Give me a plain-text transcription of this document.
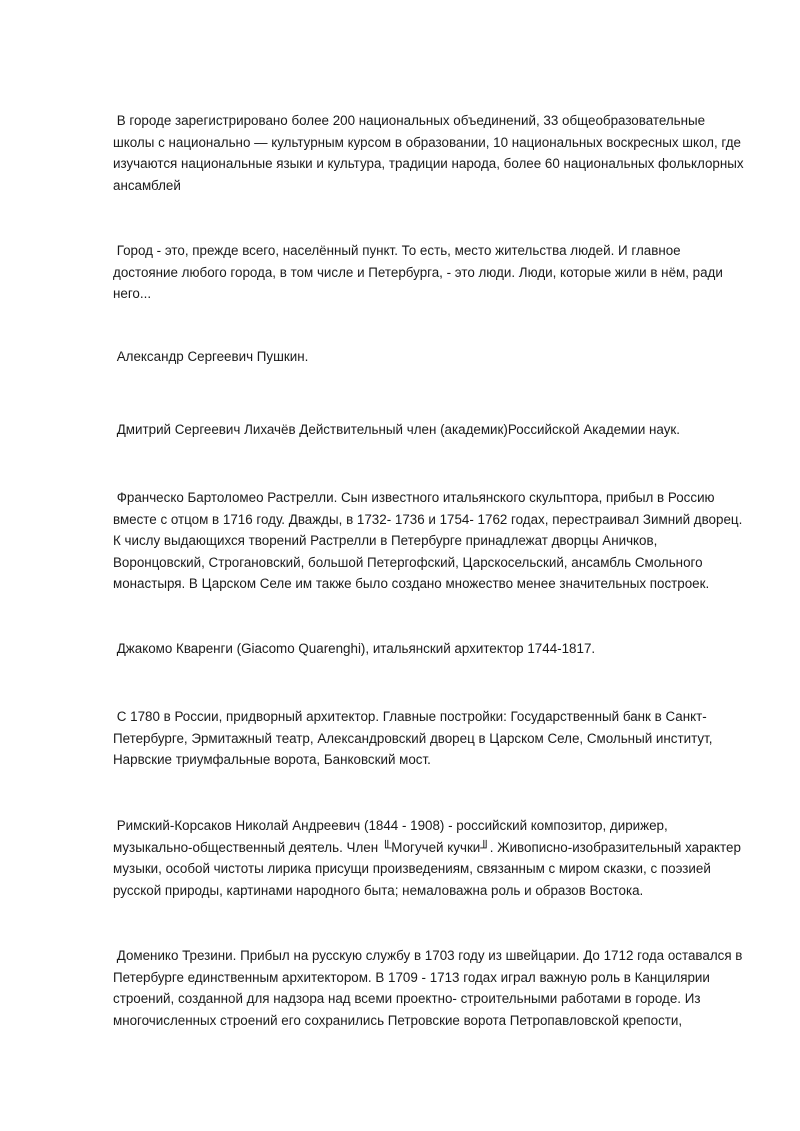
В городе зарегистрировано более 200 национальных объединений, 33 общеобразовательные школы с национально — культурным курсом в образовании, 10 национальных воскресных школ, где изучаются национальные языки и культура, традиции народа, более 60 национальных фольклорных ансамблей

Город - это, прежде всего, населённый пункт. То есть, место жительства людей. И главное достояние любого города, в том числе и Петербурга, - это люди. Люди, которые жили в нём, ради него...

Александр Сергеевич Пушкин.

Дмитрий Сергеевич Лихачёв Действительный член (академик)Российской Академии наук.

Франческо Бартоломео Растрелли. Сын известного итальянского скульптора, прибыл в Россию вместе с отцом в 1716 году. Дважды, в 1732- 1736 и 1754- 1762 годах, перестраивал Зимний дворец. К числу выдающихся творений Растрелли в Петербурге принадлежат дворцы Аничков, Воронцовский, Строгановский, большой Петергофский, Царскосельский, ансамбль Смольного монастыря. В Царском Селе им также было создано множество менее значительных построек.

Джакомо Кваренги (Giacomo Quarenghi), итальянский архитектор 1744-1817.

С 1780 в России, придворный архитектор. Главные постройки: Государственный банк в Санкт-Петербурге, Эрмитажный театр, Александровский дворец в Царском Селе, Смольный институт, Нарвские триумфальные ворота, Банковский мост.

Римский-Корсаков Николай Андреевич (1844 - 1908) - российский композитор, дирижер, музыкально-общественный деятель. Член ╙Могучей кучки╜. Живописно-изобразительный характер музыки, особой чистоты лирика присущи произведениям, связанным с миром сказки, с поэзией русской природы, картинами народного быта; немаловажна роль и образов Востока.

Доменико Трезини. Прибыл на русскую службу в 1703 году из швейцарии. До 1712 года оставался в Петербурге единственным архитектором. В 1709 - 1713 годах играл важную роль в Канцилярии строений, созданной для надзора над всеми проектно- строительными работами в городе. Из многочисленных строений его сохранились Петровские ворота Петропавловской крепости,
